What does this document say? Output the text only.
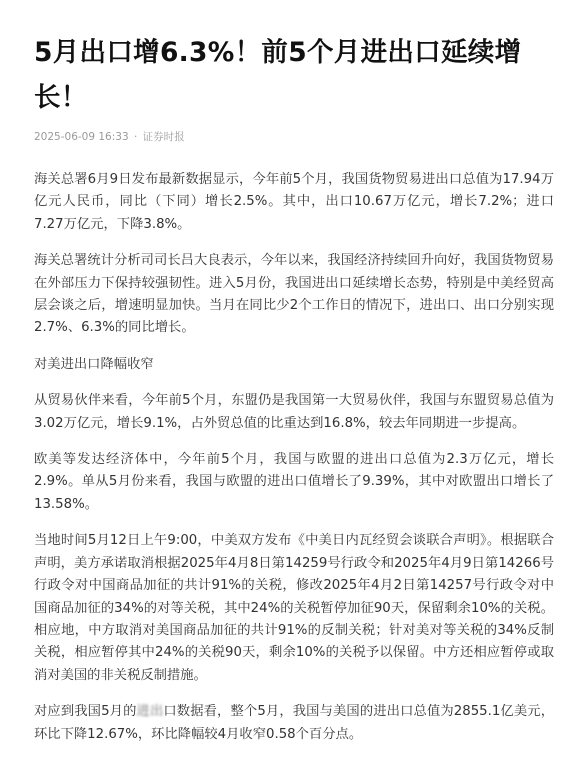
5月出口增6.3%！前5个月进出口延续增长！
2025-06-09 16:33 · 证券时报

海关总署6月9日发布最新数据显示，今年前5个月，我国货物贸易进出口总值为17.94万亿元人民币，同比（下同）增长2.5%。其中，出口10.67万亿元，增长7.2%；进口7.27万亿元，下降3.8%。

海关总署统计分析司司长吕大良表示，今年以来，我国经济持续回升向好，我国货物贸易在外部压力下保持较强韧性。进入5月份，我国进出口延续增长态势，特别是中美经贸高层会谈之后，增速明显加快。当月在同比少2个工作日的情况下，进出口、出口分别实现2.7%、6.3%的同比增长。

对美进出口降幅收窄

从贸易伙伴来看，今年前5个月，东盟仍是我国第一大贸易伙伴，我国与东盟贸易总值为3.02万亿元，增长9.1%，占外贸总值的比重达到16.8%，较去年同期进一步提高。

欧美等发达经济体中，今年前5个月，我国与欧盟的进出口总值为2.3万亿元，增长2.9%。单从5月份来看，我国与欧盟的进出口值增长了9.39%，其中对欧盟出口增长了13.58%。

当地时间5月12日上午9:00，中美双方发布《中美日内瓦经贸会谈联合声明》。根据联合声明，美方承诺取消根据2025年4月8日第14259号行政令和2025年4月9日第14266号行政令对中国商品加征的共计91%的关税，修改2025年4月2日第14257号行政令对中国商品加征的34%的对等关税，其中24%的关税暂停加征90天，保留剩余10%的关税。相应地，中方取消对美国商品加征的共计91%的反制关税；针对美对等关税的34%反制关税，相应暂停其中24%的关税90天，剩余10%的关税予以保留。中方还相应暂停或取消对美国的非关税反制措施。

对应到我国5月的进出口数据看，整个5月，我国与美国的进出口总值为2855.1亿美元，环比下降12.67%，环比降幅较4月收窄0.58个百分点。
